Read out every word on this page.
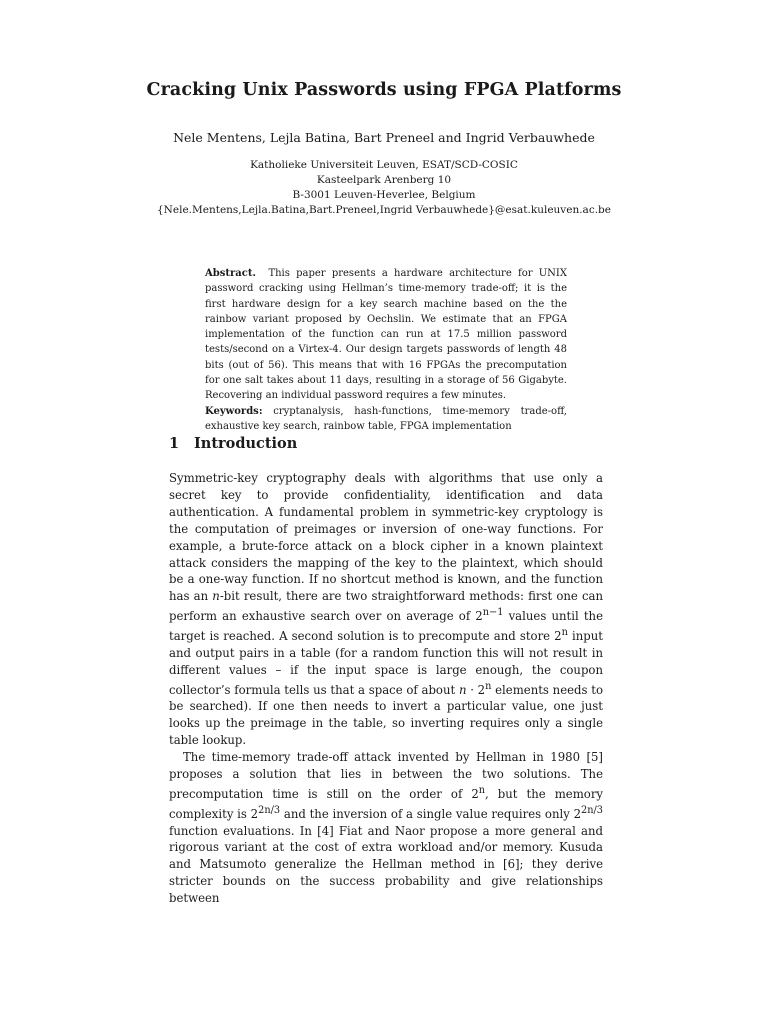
Cracking Unix Passwords using FPGA Platforms
Nele Mentens, Lejla Batina, Bart Preneel and Ingrid Verbauwhede
Katholieke Universiteit Leuven, ESAT/SCD-COSIC
Kasteelpark Arenberg 10
B-3001 Leuven-Heverlee, Belgium
{Nele.Mentens,Lejla.Batina,Bart.Preneel,Ingrid Verbauwhede}@esat.kuleuven.ac.be

Abstract. This paper presents a hardware architecture for UNIX password cracking using Hellman’s time-memory trade-off; it is the first hardware design for a key search machine based on the the rainbow variant proposed by Oechslin. We estimate that an FPGA implementation of the function can run at 17.5 million password tests/second on a Virtex-4. Our design targets passwords of length 48 bits (out of 56). This means that with 16 FPGAs the precomputation for one salt takes about 11 days, resulting in a storage of 56 Gigabyte. Recovering an individual password requires a few minutes.

Keywords: cryptanalysis, hash-functions, time-memory trade-off, exhaustive key search, rainbow table, FPGA implementation

1 Introduction

Symmetric-key cryptography deals with algorithms that use only a secret key to provide confidentiality, identification and data authentication. A fundamental problem in symmetric-key cryptology is the computation of preimages or inversion of one-way functions. For example, a brute-force attack on a block cipher in a known plaintext attack considers the mapping of the key to the plaintext, which should be a one-way function. If no shortcut method is known, and the function has an n-bit result, there are two straightforward methods: first one can perform an exhaustive search over on average of $2^{n-1}$ values until the target is reached. A second solution is to precompute and store 2$^n$ input and output pairs in a table (for a random function this will not result in different values – if the input space is large enough, the coupon collector’s formula tells us that a space of about $n \cdot 2^n$ elements needs to be searched). If one then needs to invert a particular value, one just looks up the preimage in the table, so inverting requires only a single table lookup.

The time-memory trade-off attack invented by Hellman in 1980 [5] proposes a solution that lies in between the two solutions. The precomputation time is still on the order of 2$^n$, but the memory complexity is $2^{2n/3}$ and the inversion of a single value requires only $2^{2n/3}$ function evaluations. In [4] Fiat and Naor propose a more general and rigorous variant at the cost of extra workload and/or memory. Kusuda and Matsumoto generalize the Hellman method in [6]; they derive stricter bounds on the success probability and give relationships between
